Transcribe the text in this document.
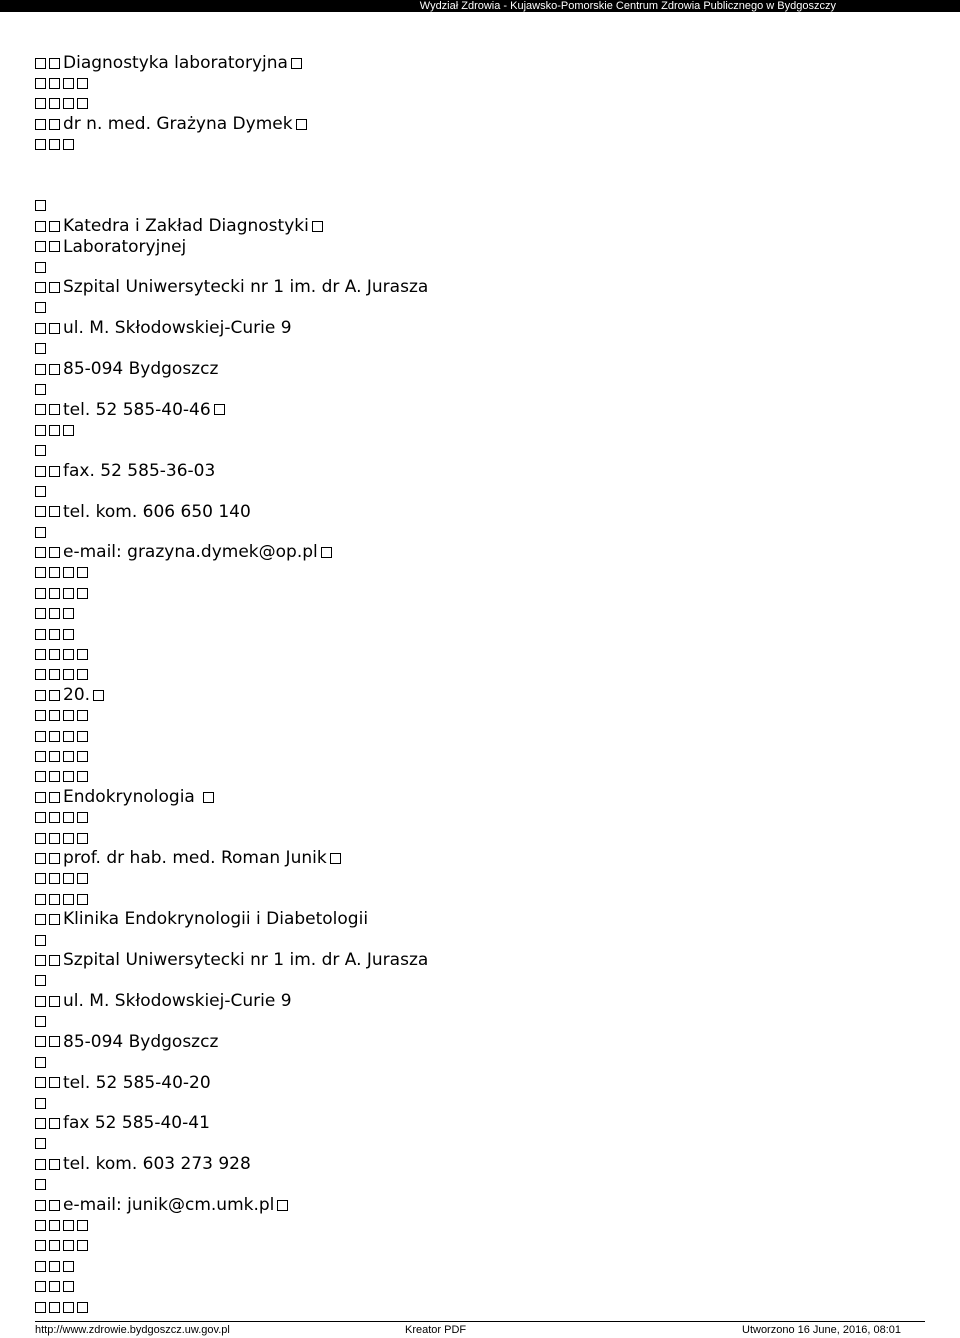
Wydział Zdrowia - Kujawsko-Pomorskie Centrum Zdrowia Publicznego w Bydgoszczy
Diagnostyka laboratoryjna
dr n. med. Grażyna Dymek
Katedra i Zakład Diagnostyki
Laboratoryjnej
Szpital Uniwersytecki nr 1 im. dr A. Jurasza
ul. M. Skłodowskiej-Curie 9
85-094 Bydgoszcz
tel. 52 585-40-46
fax. 52 585-36-03
tel. kom. 606 650 140
e-mail: grazyna.dymek@op.pl
20.
Endokrynologia
prof. dr hab. med. Roman Junik
Klinika Endokrynologii i Diabetologii
Szpital Uniwersytecki nr 1 im. dr A. Jurasza
ul. M. Skłodowskiej-Curie 9
85-094 Bydgoszcz
tel. 52 585-40-20
fax 52 585-40-41
tel. kom. 603 273 928
e-mail: junik@cm.umk.pl
http://www.zdrowie.bydgoszcz.uw.gov.pl	Kreator PDF	Utworzono 16 June, 2016, 08:01
